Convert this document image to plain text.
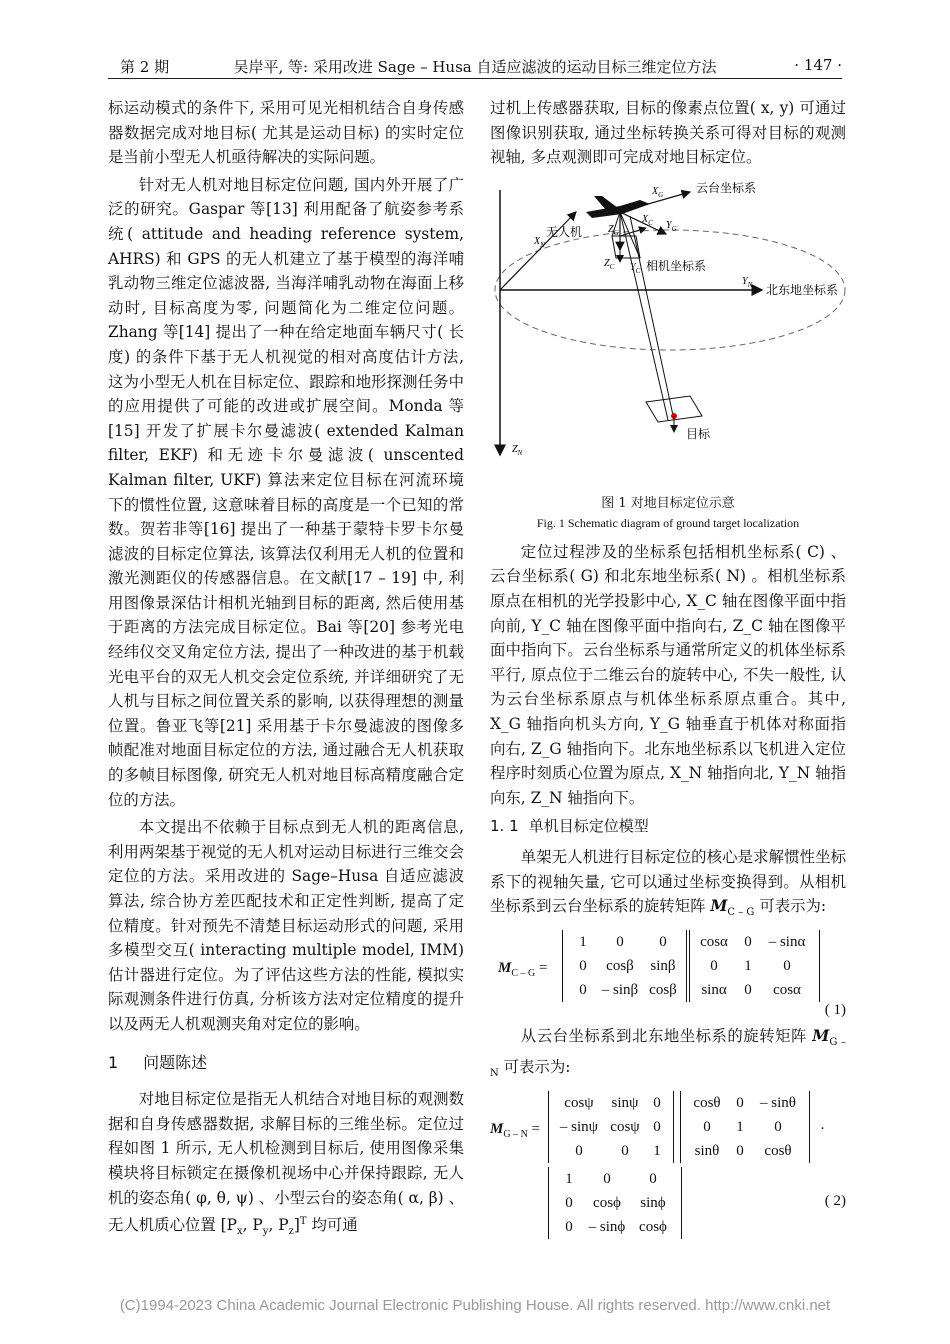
第 2 期	吴岸平, 等: 采用改进 Sage – Husa 自适应滤波的运动目标三维定位方法	· 147 ·

标运动模式的条件下, 采用可见光相机结合自身传感器数据完成对地目标( 尤其是运动目标) 的实时定位是当前小型无人机亟待解决的实际问题。

针对无人机对地目标定位问题, 国内外开展了广泛的研究。Gaspar 等[13] 利用配备了航姿参考系统( attitude and heading reference system, AHRS) 和 GPS 的无人机建立了基于模型的海洋哺乳动物三维定位滤波器, 当海洋哺乳动物在海面上移动时, 目标高度为零, 问题简化为二维定位问题。Zhang 等[14] 提出了一种在给定地面车辆尺寸( 长度) 的条件下基于无人机视觉的相对高度估计方法, 这为小型无人机在目标定位、跟踪和地形探测任务中的应用提供了可能的改进或扩展空间。Monda 等[15] 开发了扩展卡尔曼滤波( extended Kalman filter, EKF) 和无迹卡尔曼滤波( unscented Kalman filter, UKF) 算法来定位目标在河流环境下的惯性位置, 这意味着目标的高度是一个已知的常数。贺若非等[16] 提出了一种基于蒙特卡罗卡尔曼滤波的目标定位算法, 该算法仅利用无人机的位置和激光测距仪的传感器信息。在文献[17 – 19] 中, 利用图像景深估计相机光轴到目标的距离, 然后使用基于距离的方法完成目标定位。Bai 等[20] 参考光电经纬仪交叉角定位方法, 提出了一种改进的基于机载光电平台的双无人机交会定位系统, 并详细研究了无人机与目标之间位置关系的影响, 以获得理想的测量位置。鲁亚飞等[21] 采用基于卡尔曼滤波的图像多帧配准对地面目标定位的方法, 通过融合无人机获取的多帧目标图像, 研究无人机对地目标高精度融合定位的方法。

本文提出不依赖于目标点到无人机的距离信息, 利用两架基于视觉的无人机对运动目标进行三维交会定位的方法。采用改进的 Sage–Husa 自适应滤波算法, 综合协方差匹配技术和正定性判断, 提高了定位精度。针对预先不清楚目标运动形式的问题, 采用多模型交互( interacting multiple model, IMM) 估计器进行定位。为了评估这些方法的性能, 模拟实际观测条件进行仿真, 分析该方法对定位精度的提升以及两无人机观测夹角对定位的影响。

1 问题陈述

对地目标定位是指无人机结合对地目标的观测数据和自身传感器数据, 求解目标的三维坐标。定位过程如图 1 所示, 无人机检测到目标后, 使用图像采集模块将目标锁定在摄像机视场中心并保持跟踪, 无人机的姿态角( φ, θ, ψ) 、小型云台的姿态角( α, β) 、无人机质心位置 [$P_x$, $P_y$, $P_z]^T$ 均可通

过机上传感器获取, 目标的像素点位置( x, y) 可通过图像识别获取, 通过坐标转换关系可得对目标的观测视轴, 多点观测即可完成对地目标定位。

云台坐标系
无人机
相机坐标系
北东地坐标系
目标
$X_G$
$Y_G$
$Z_G$
$X_C$
$Y_C$
$Z_C$
$X_N$
$Y_N$
$Z_N$
图 1 对地目标定位示意
Fig. 1 Schematic diagram of ground target localization

定位过程涉及的坐标系包括相机坐标系( C) 、云台坐标系( G) 和北东地坐标系( N) 。相机坐标系原点在相机的光学投影中心, X_C 轴在图像平面中指向前, Y_C 轴在图像平面中指向右, Z_C 轴在图像平面中指向下。云台坐标系与通常所定义的机体坐标系平行, 原点位于二维云台的旋转中心, 不失一般性, 认为云台坐标系原点与机体坐标系原点重合。其中, X_G 轴指向机头方向, Y_G 轴垂直于机体对称面指向右, Z_G 轴指向下。北东地坐标系以飞机进入定位程序时刻质心位置为原点, X_N 轴指向北, Y_N 轴指向东, Z_N 轴指向下。

1. 1 单机目标定位模型

单架无人机进行目标定位的核心是求解惯性坐标系下的视轴矢量, 它可以通过坐标变换得到。从相机坐标系到云台坐标系的旋转矩阵 $M_{C - G}$ 可表示为:

$M_{C - G}$ =
1	0	0
0	cosβ	sinβ
0	– sinβ cosβ
cosα	0	– sinα
0	1	0
sinα	0	cosα
( 1)

从云台坐标系到北东地坐标系的旋转矩阵 $M_{G - N}$ 可表示为:

$M_{G - N}$ =
cosψ	sinψ 0
– sinψ cosψ 0
0	0	1
cosθ	0	– sinθ
0	1	0
sinθ	0	cosθ
·
1	0	0
0	cosϕ	sinϕ
0	– sinϕ cosϕ
( 2)
(C)1994-2023 China Academic Journal Electronic Publishing House. All rights reserved. http://www.cnki.net
